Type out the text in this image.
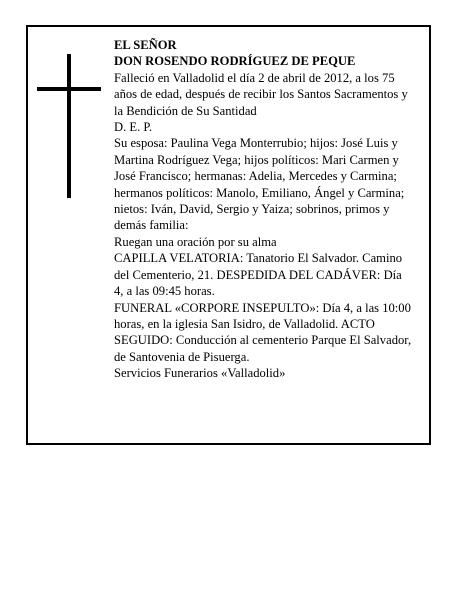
EL SEÑOR

DON ROSENDO RODRÍGUEZ DE PEQUE

Falleció en Valladolid el día 2 de abril de 2012, a los 75 años de edad, después de recibir los Santos Sacramentos y la Bendición de Su Santidad

D. E. P.

Su esposa: Paulina Vega Monterrubio; hijos: José Luis y Martina Rodríguez Vega; hijos políticos: Mari Carmen y José Francisco; hermanas: Adelia, Mercedes y Carmina; hermanos políticos: Manolo, Emiliano, Ángel y Carmina; nietos: Iván, David, Sergio y Yaiza; sobrinos, primos y demás familia:

Ruegan una oración por su alma

CAPILLA VELATORIA: Tanatorio El Salvador. Camino del Cementerio, 21. DESPEDIDA DEL CADÁVER: Día 4, a las 09:45 horas.

FUNERAL «CORPORE INSEPULTO»: Día 4, a las 10:00 horas, en la iglesia San Isidro, de Valladolid. ACTO SEGUIDO: Conducción al cementerio Parque El Salvador, de Santovenia de Pisuerga.

Servicios Funerarios «Valladolid»
